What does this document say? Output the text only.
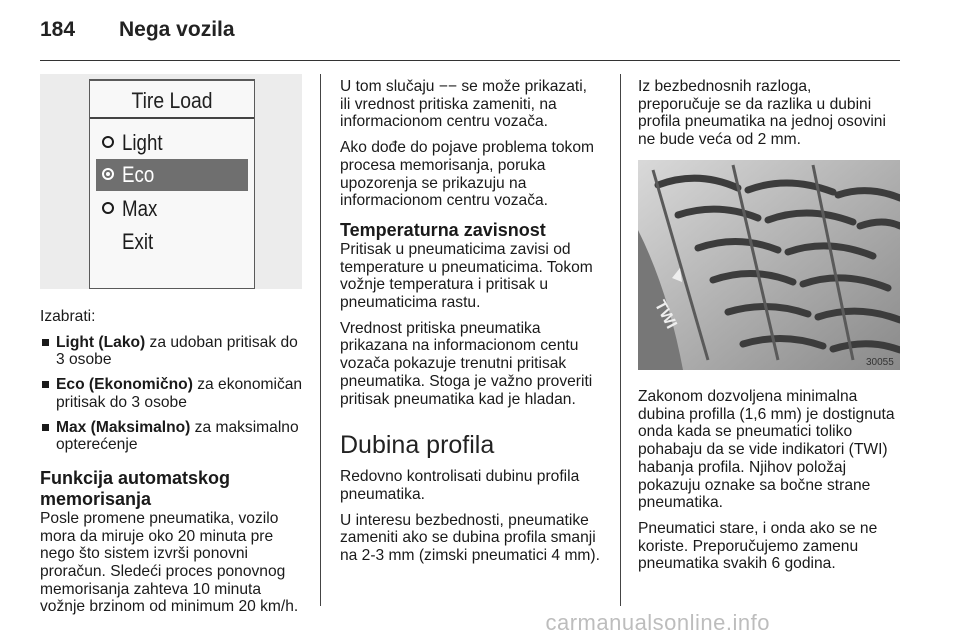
184 Nega vozila
Tire Load
Light
Eco
Max
Exit

Izabrati:

Light (Lako) za udoban pritisak do
3 osobe
Eco (Ekonomično) za ekonomičan
pritisak do 3 osobe
Max (Maksimalno) za maksimalno
opterećenje
Funkcija automatskog
memorisanja

Posle promene pneumatika, vozilo
mora da miruje oko 20 minuta pre
nego što sistem izvrši ponovni
proračun. Sledeći proces ponovnog
memorisanja zahteva 10 minuta
vožnje brzinom od minimum 20 km/h.

U tom slučaju −− se može prikazati,
ili vrednost pritiska zameniti, na
informacionom centru vozača.

Ako dođe do pojave problema tokom
procesa memorisanja, poruka
upozorenja se prikazuju na
informacionom centru vozača.

Temperaturna zavisnost

Pritisak u pneumaticima zavisi od
temperature u pneumaticima. Tokom
vožnje temperatura i pritisak u
pneumaticima rastu.

Vrednost pritiska pneumatika
prikazana na informacionom centu
vozača pokazuje trenutni pritisak
pneumatika. Stoga je važno proveriti
pritisak pneumatika kad je hladan.

Dubina profila

Redovno kontrolisati dubinu profila
pneumatika.

U interesu bezbednosti, pneumatike
zameniti ako se dubina profila smanji
na 2-3 mm (zimski pneumatici 4 mm).

Iz bezbednosnih razloga,
preporučuje se da razlika u dubini
profila pneumatika na jednoj osovini
ne bude veća od 2 mm.

TWI
30055

Zakonom dozvoljena minimalna
dubina profilla (1,6 mm) je dostignuta
onda kada se pneumatici toliko
pohabaju da se vide indikatori (TWI)
habanja profila. Njihov položaj
pokazuju oznake sa bočne strane
pneumatika.

Pneumatici stare, i onda ako se ne
koriste. Preporučujemo zamenu
pneumatika svakih 6 godina.

carmanualsonline.info
